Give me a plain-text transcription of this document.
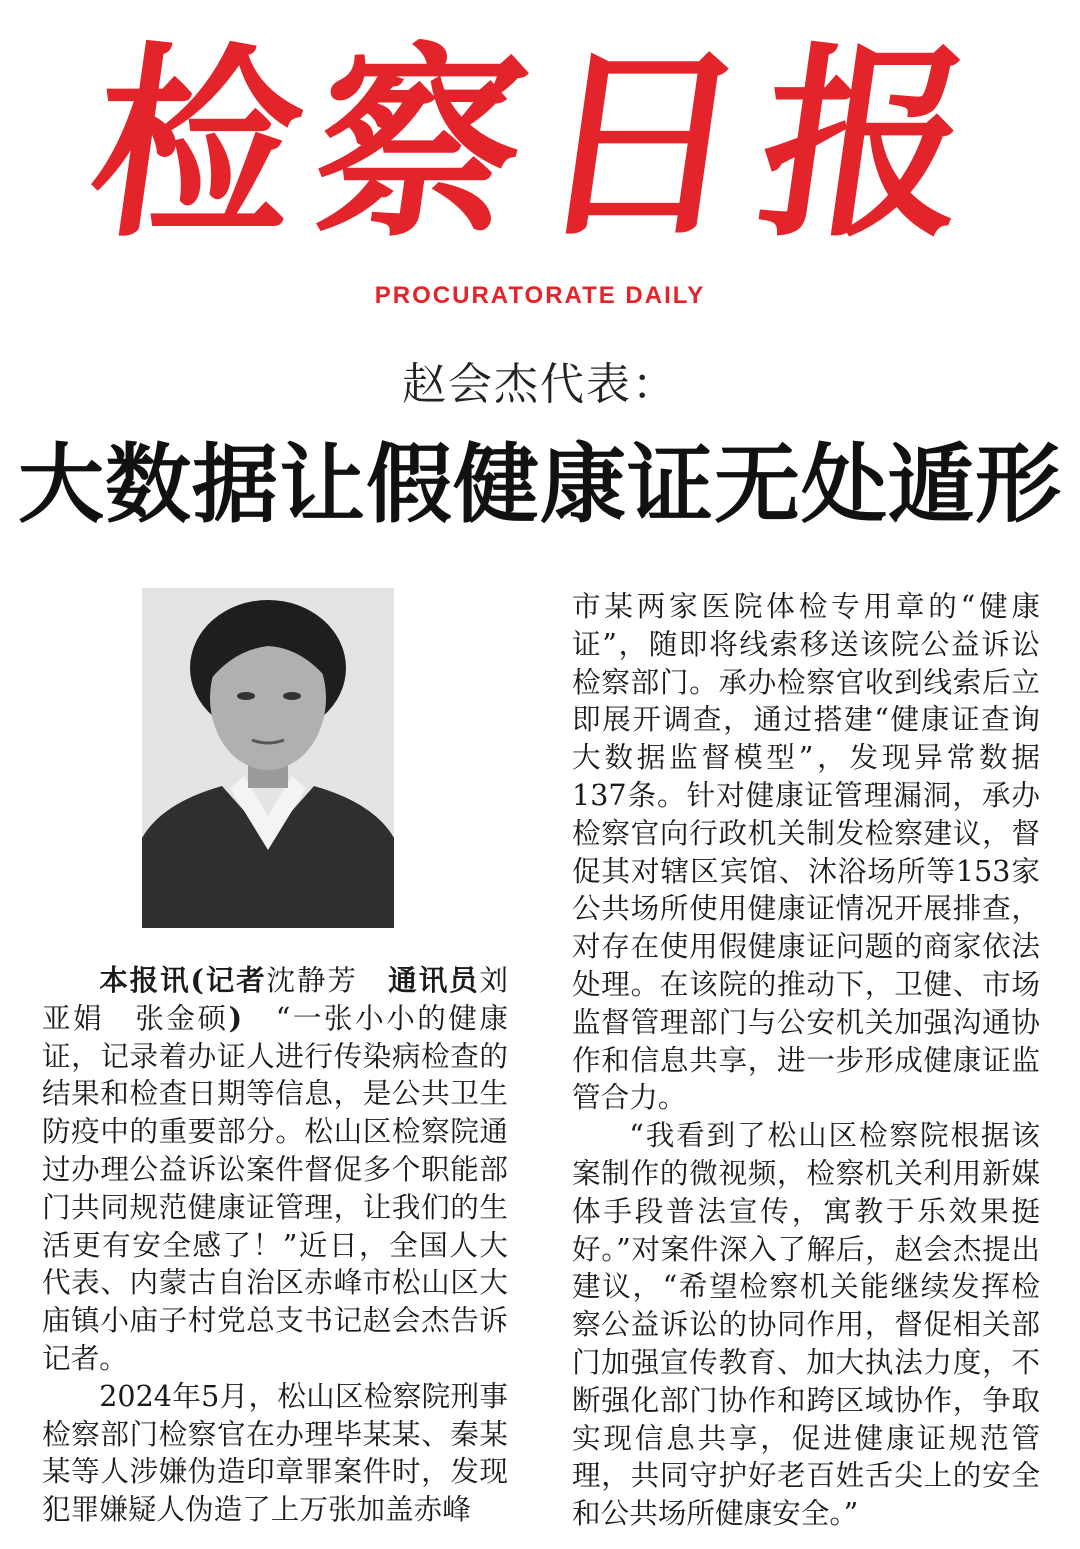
检察日报
PROCURATORATE DAILY
赵会杰代表：
大数据让假健康证无处遁形

本报讯(记者沈静芳　 通讯员刘亚娟　张金硕)　 “一张小小的健康证，记录着办证人进行传染病检查的结果和检查日期等信息，是公共卫生防疫中的重要部分。松山区检察院通过办理公益诉讼案件督促多个职能部门共同规范健康证管理，让我们的生活更有安全感了！”近日，全国人大代表、内蒙古自治区赤峰市松山区大庙镇小庙子村党总支书记赵会杰告诉记者。

2024年5月，松山区检察院刑事检察部门检察官在办理毕某某、秦某某等人涉嫌伪造印章罪案件时，发现犯罪嫌疑人伪造了上万张加盖赤峰

市某两家医院体检专用章的“健康证”，随即将线索移送该院公益诉讼检察部门。承办检察官收到线索后立即展开调查，通过搭建“健康证查询大数据监督模型”，发现异常数据137条。针对健康证管理漏洞，承办检察官向行政机关制发检察建议，督促其对辖区宾馆、沐浴场所等153家公共场所使用健康证情况开展排查，对存在使用假健康证问题的商家依法处理。在该院的推动下，卫健、市场监督管理部门与公安机关加强沟通协作和信息共享，进一步形成健康证监管合力。

“我看到了松山区检察院根据该案制作的微视频，检察机关利用新媒体手段普法宣传，寓教于乐效果挺好。”对案件深入了解后，赵会杰提出建议，“希望检察机关能继续发挥检察公益诉讼的协同作用，督促相关部门加强宣传教育、加大执法力度，不断强化部门协作和跨区域协作，争取实现信息共享，促进健康证规范管理，共同守护好老百姓舌尖上的安全和公共场所健康安全。”
